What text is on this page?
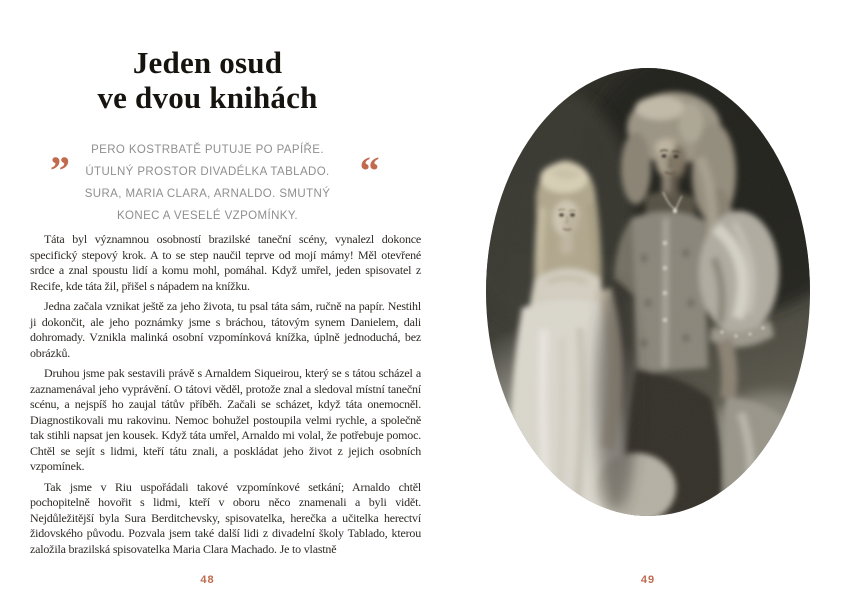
Jeden osud
ve dvou knihách
”	“
PERO KOSTRBATĚ PUTUJE PO PAPÍŘE.
ÚTULNÝ PROSTOR DIVADÉLKA TABLADO.
SURA, MARIA CLARA, ARNALDO. SMUTNÝ
KONEC A VESELÉ VZPOMÍNKY.

Táta byl významnou osobností brazilské taneční scény, vynalezl dokonce specifický stepový krok. A to se step naučil teprve od mojí mámy! Měl otevřené srdce a znal spoustu lidí a komu mohl, pomáhal. Když umřel, jeden spisovatel z Recife, kde táta žil, přišel s nápadem na knížku.

Jedna začala vznikat ještě za jeho života, tu psal táta sám, ručně na papír. Nestihl ji dokončit, ale jeho poznámky jsme s bráchou, tátovým synem Danielem, dali dohromady. Vznikla malinká osobní vzpomínková knížka, úplně jednoduchá, bez obrázků.

Druhou jsme pak sestavili právě s Arnaldem Siqueirou, který se s tátou scházel a zaznamenával jeho vyprávění. O tátovi věděl, protože znal a sledoval místní taneční scénu, a nejspíš ho zaujal tátův příběh. Začali se scházet, když táta onemocněl. Diagnostikovali mu rakovinu. Nemoc bohužel postoupila velmi rychle, a společně tak stihli napsat jen kousek. Když táta umřel, Arnaldo mi volal, že potřebuje pomoc. Chtěl se sejít s lidmi, kteří tátu znali, a poskládat jeho život z jejich osobních vzpomínek.

Tak jsme v Riu uspořádali takové vzpomínkové setkání; Arnaldo chtěl pochopitelně hovořit s lidmi, kteří v oboru něco znamenali a byli vidět. Nejdůležitější byla Sura Berditchevsky, spisovatelka, herečka a učitelka herectví židovského původu. Pozvala jsem také další lidi z divadelní školy Tablado, kterou založila brazilská spisovatelka Maria Clara Machado. Je to vlastně

48	49
